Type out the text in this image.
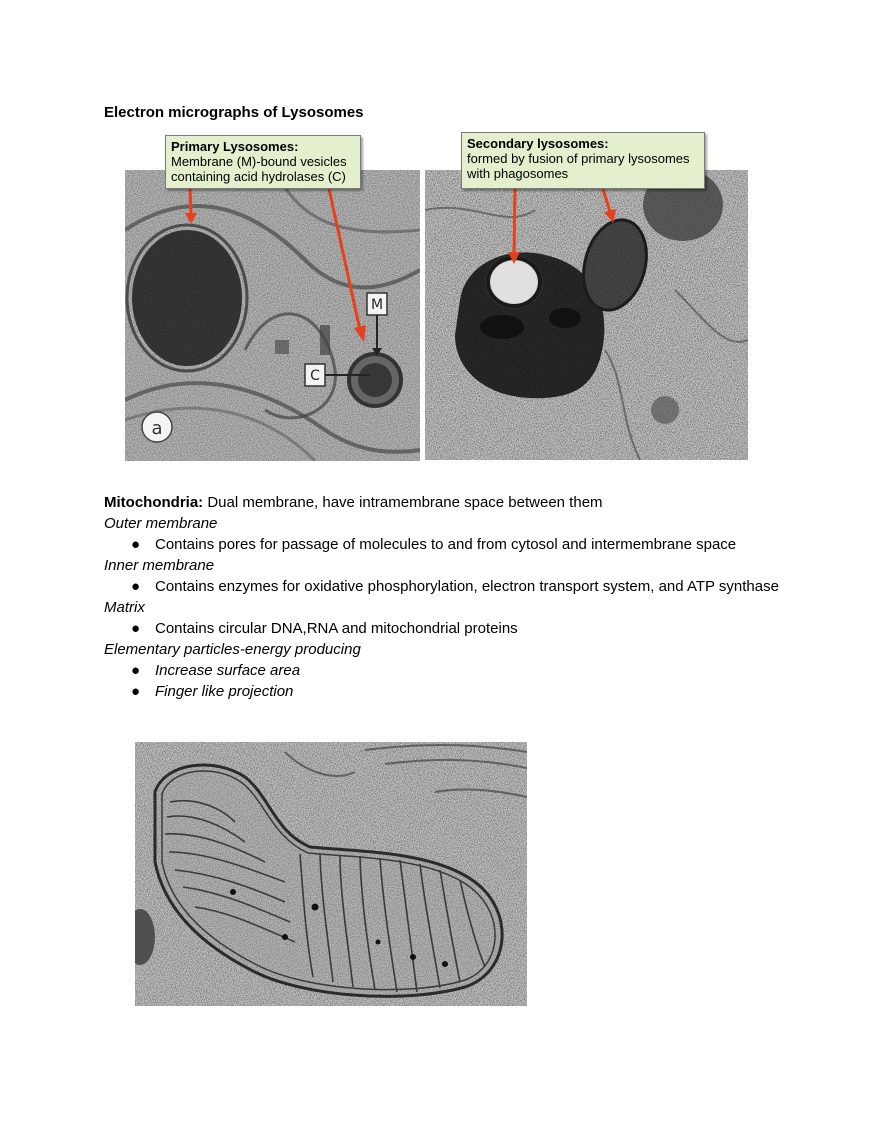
Electron micrographs of Lysosomes
M
C
a
Primary Lysosomes:
Membrane (M)-bound vesicles
containing acid hydrolases (C)
Secondary lysosomes:
formed by fusion of primary lysosomes
with phagosomes
Mitochondria: Dual membrane, have intramembrane space between them
Outer membrane
● Contains pores for passage of molecules to and from cytosol and intermembrane space
Inner membrane
● Contains enzymes for oxidative phosphorylation, electron transport system, and ATP synthase
Matrix
● Contains circular DNA,RNA and mitochondrial proteins
Elementary particles-energy producing
● Increase surface area
● Finger like projection
